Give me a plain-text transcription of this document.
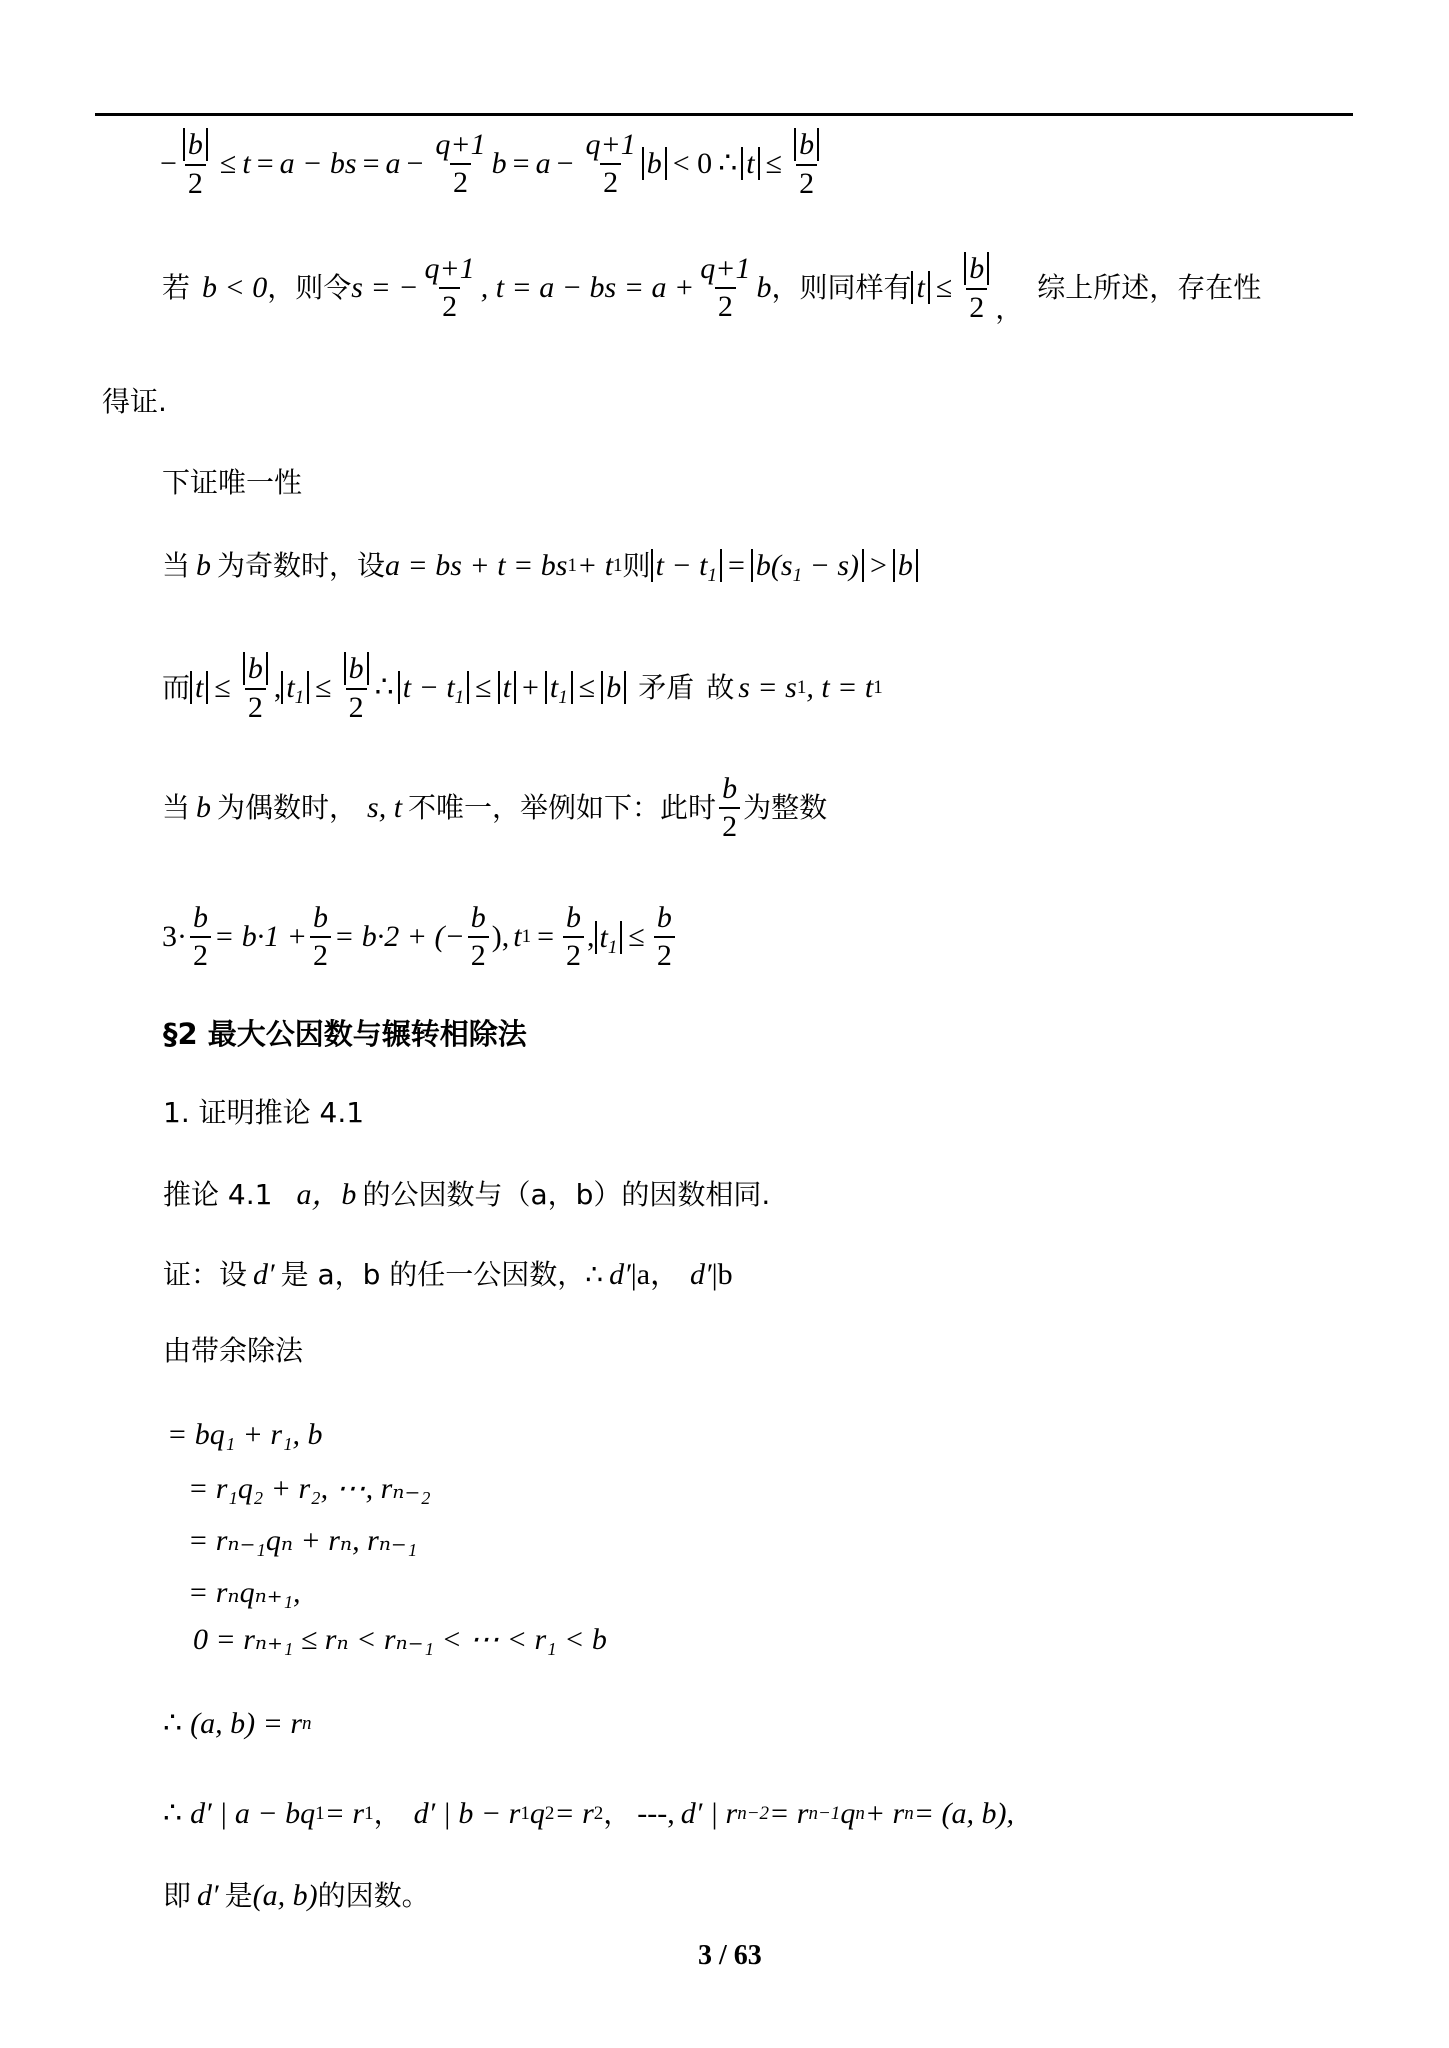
− $\frac{b}{2} \le t = a$ − bs = $a - \frac{q+1}{2}$ $b = a - \frac{q+1}{2}$ b < 0 ∴ $t \le \frac{b}{2}$
若 b < 0 ，则令 s = − $\frac{q+1}{2}$ , t = a − bs = $a + \frac{q+1}{2}$ b ，则同样有 $t \le \frac{b}{2}$ ，
综上所述，存在性
得证.
下证唯一性
当 b 为奇数时，设 a = bs + t = bs 1 + t 1 则 $t - t_1 = b(s_1 - s) > b$
而 $t \le \frac{b}{2}$ , $t_1 \le \frac{b}{2}$ ∴ $t - t_1 \le t + t_1 \le b$ 矛盾 故 s = s 1 , t = t 1
当 b 为偶数时， s, t 不唯一，举例如下：此时 $\frac{b}{2}$ 为整数
$3\cdot \frac{b}{2} = b\cdot 1 + \frac{b}{2} = b\cdot 2$ + (− $\frac{b}{2}$ ), t $1 = \frac{b}{2}$ , $t_1 \le \frac{b}{2}$
§2 最大公因数与辗转相除法
1. 证明推论 4.1
推论 4.1 a，b 的公因数与（a，b）的因数相同.
证：设 d′ 是 a，b 的任一公因数，∴ d′ |a， d′ |b
由带余除法
= bq₁ + r₁, b
= r₁q₂ + r₂, ⋯, rₙ₋₂
= rₙ₋₁qₙ + rₙ, rₙ₋₁
= rₙqₙ₊₁,
0 = rₙ₊₁ ≤ rₙ < rₙ₋₁ < ⋯ < r₁ < b
∴ (a, b) = r n
∴ d′ | a − bq 1 = r 1 ， d′ | b − r 1 q 2 = r 2 ， ---, d′ | r n−2 = r n−1 q n + r n = (a, b),
即 d′ 是 (a, b) 的因数。
3 / 63
